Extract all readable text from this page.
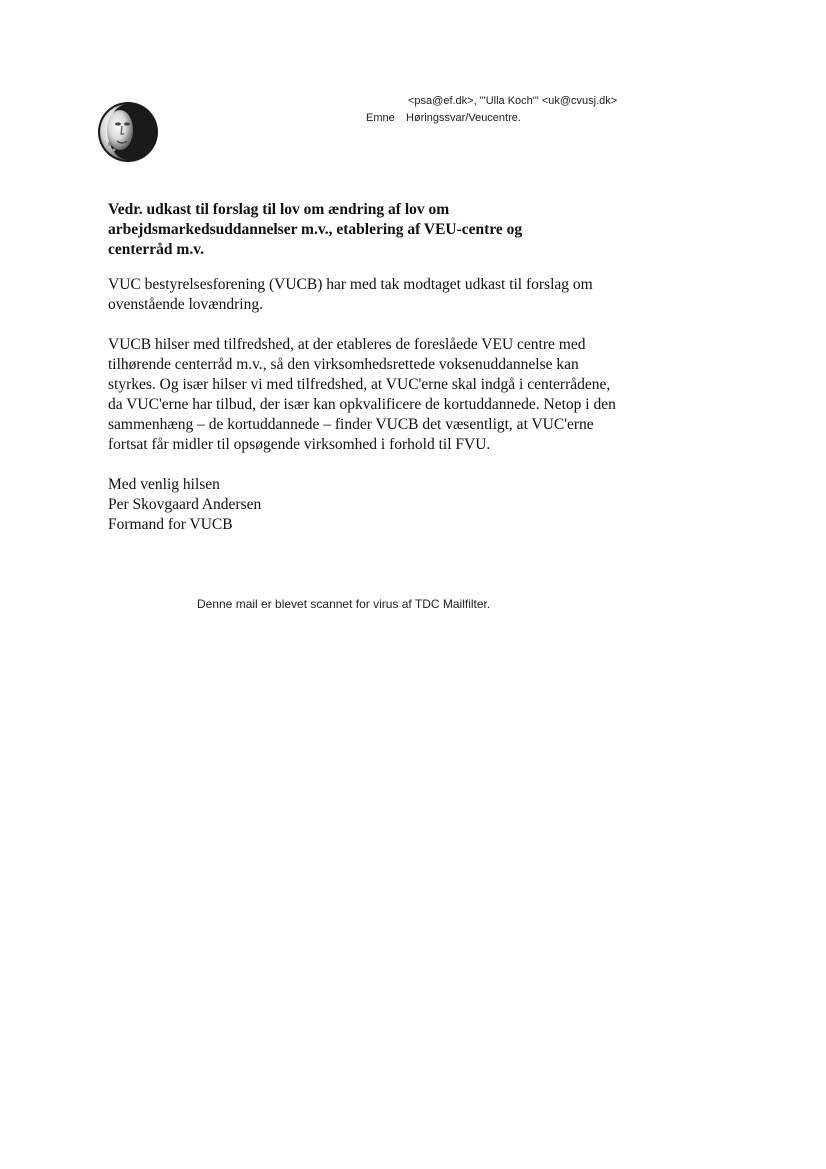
<psa@ef.dk>, "'Ulla Koch'" <uk@cvusj.dk>
Emne Høringssvar/Veucentre.
Vedr. udkast til forslag til lov om ændring af lov om arbejdsmarkedsuddannelser m.v., etablering af VEU-centre og centerråd m.v.

VUC bestyrelsesforening (VUCB) har med tak modtaget udkast til forslag om ovenstående lovændring.

VUCB hilser med tilfredshed, at der etableres de foreslåede VEU centre med tilhørende centerråd m.v., så den virksomhedsrettede voksenuddannelse kan styrkes. Og især hilser vi med tilfredshed, at VUC'erne skal indgå i centerrådene, da VUC'erne har tilbud, der især kan opkvalificere de kortuddannede. Netop i den sammenhæng – de kortuddannede – finder VUCB det væsentligt, at VUC'erne fortsat får midler til opsøgende virksomhed i forhold til FVU.

Med venlig hilsen
Per Skovgaard Andersen
Formand for VUCB
Denne mail er blevet scannet for virus af TDC Mailfilter.
